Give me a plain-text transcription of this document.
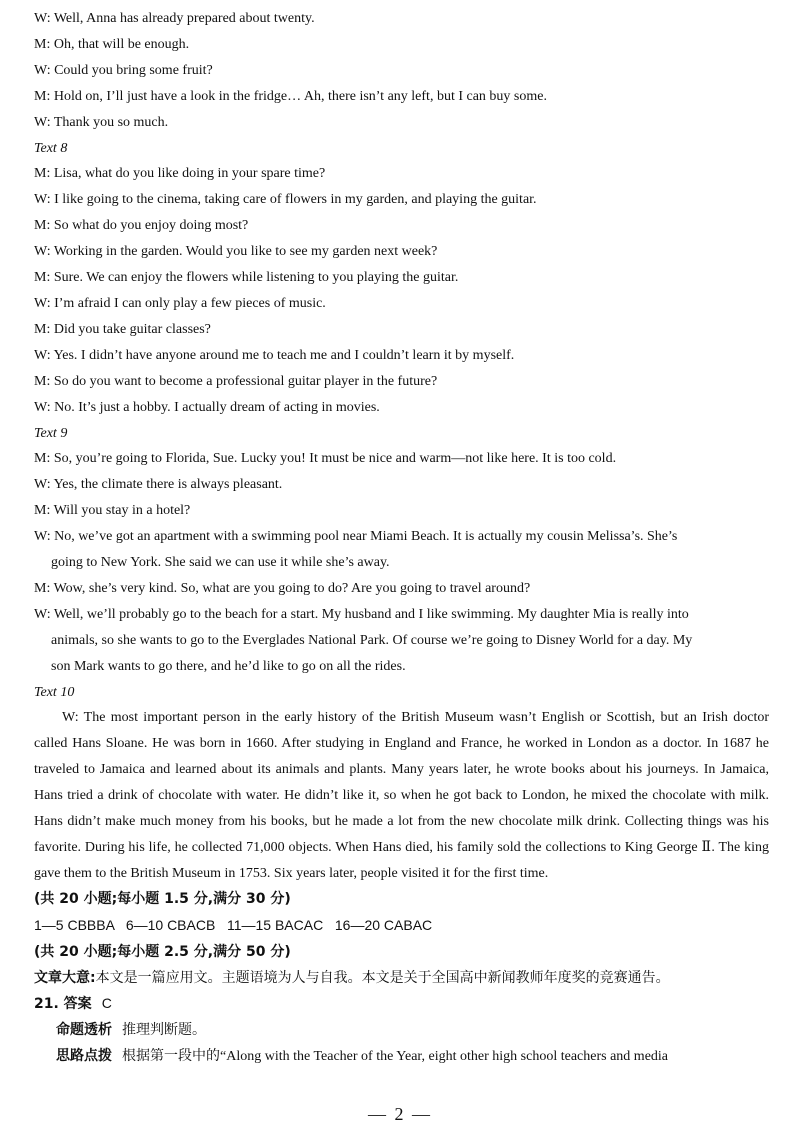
W: Well, Anna has already prepared about twenty.
M: Oh, that will be enough.
W: Could you bring some fruit?
M: Hold on, I’ll just have a look in the fridge… Ah, there isn’t any left, but I can buy some.
W: Thank you so much.
Text 8
M: Lisa, what do you like doing in your spare time?
W: I like going to the cinema, taking care of flowers in my garden, and playing the guitar.
M: So what do you enjoy doing most?
W: Working in the garden. Would you like to see my garden next week?
M: Sure. We can enjoy the flowers while listening to you playing the guitar.
W: I’m afraid I can only play a few pieces of music.
M: Did you take guitar classes?
W: Yes. I didn’t have anyone around me to teach me and I couldn’t learn it by myself.
M: So do you want to become a professional guitar player in the future?
W: No. It’s just a hobby. I actually dream of acting in movies.
Text 9
M: So, you’re going to Florida, Sue. Lucky you! It must be nice and warm—not like here. It is too cold.
W: Yes, the climate there is always pleasant.
M: Will you stay in a hotel?
W: No, we’ve got an apartment with a swimming pool near Miami Beach. It is actually my cousin Melissa’s. She’s
going to New York. She said we can use it while she’s away.
M: Wow, she’s very kind. So, what are you going to do? Are you going to travel around?
W: Well, we’ll probably go to the beach for a start. My husband and I like swimming. My daughter Mia is really into
animals, so she wants to go to the Everglades National Park. Of course we’re going to Disney World for a day. My
son Mark wants to go there, and he’d like to go on all the rides.
Text 10
W: The most important person in the early history of the British Museum wasn’t English or Scottish, but an Irish doctor called Hans Sloane. He was born in 1660. After studying in England and France, he worked in London as a doctor. In 1687 he traveled to Jamaica and learned about its animals and plants. Many years later, he wrote books about his journeys. In Jamaica, Hans tried a drink of chocolate with water. He didn’t like it, so when he got back to London, he mixed the chocolate with milk. Hans didn’t make much money from his books, but he made a lot from the new chocolate milk drink. Collecting things was his favorite. During his life, he collected 71,000 objects. When Hans died, his family sold the collections to King George Ⅱ. The king gave them to the British Museum in 1753. Six years later, people visited it for the first time.
(共 20 小题;每小题 1.5 分,满分 30 分)
1—5 CBBBA   6—10 CBACB   11—15 BACAC   16—20 CABAC
(共 20 小题;每小题 2.5 分,满分 50 分)
文章大意:本文是一篇应用文。主题语境为人与自我。本文是关于全国高中新闻教师年度奖的竞赛通告。
21. 答案 C
命题透析 推理判断题。
思路点拨 根据第一段中的“Along with the Teacher of the Year, eight other high school teachers and media
— 2 —
